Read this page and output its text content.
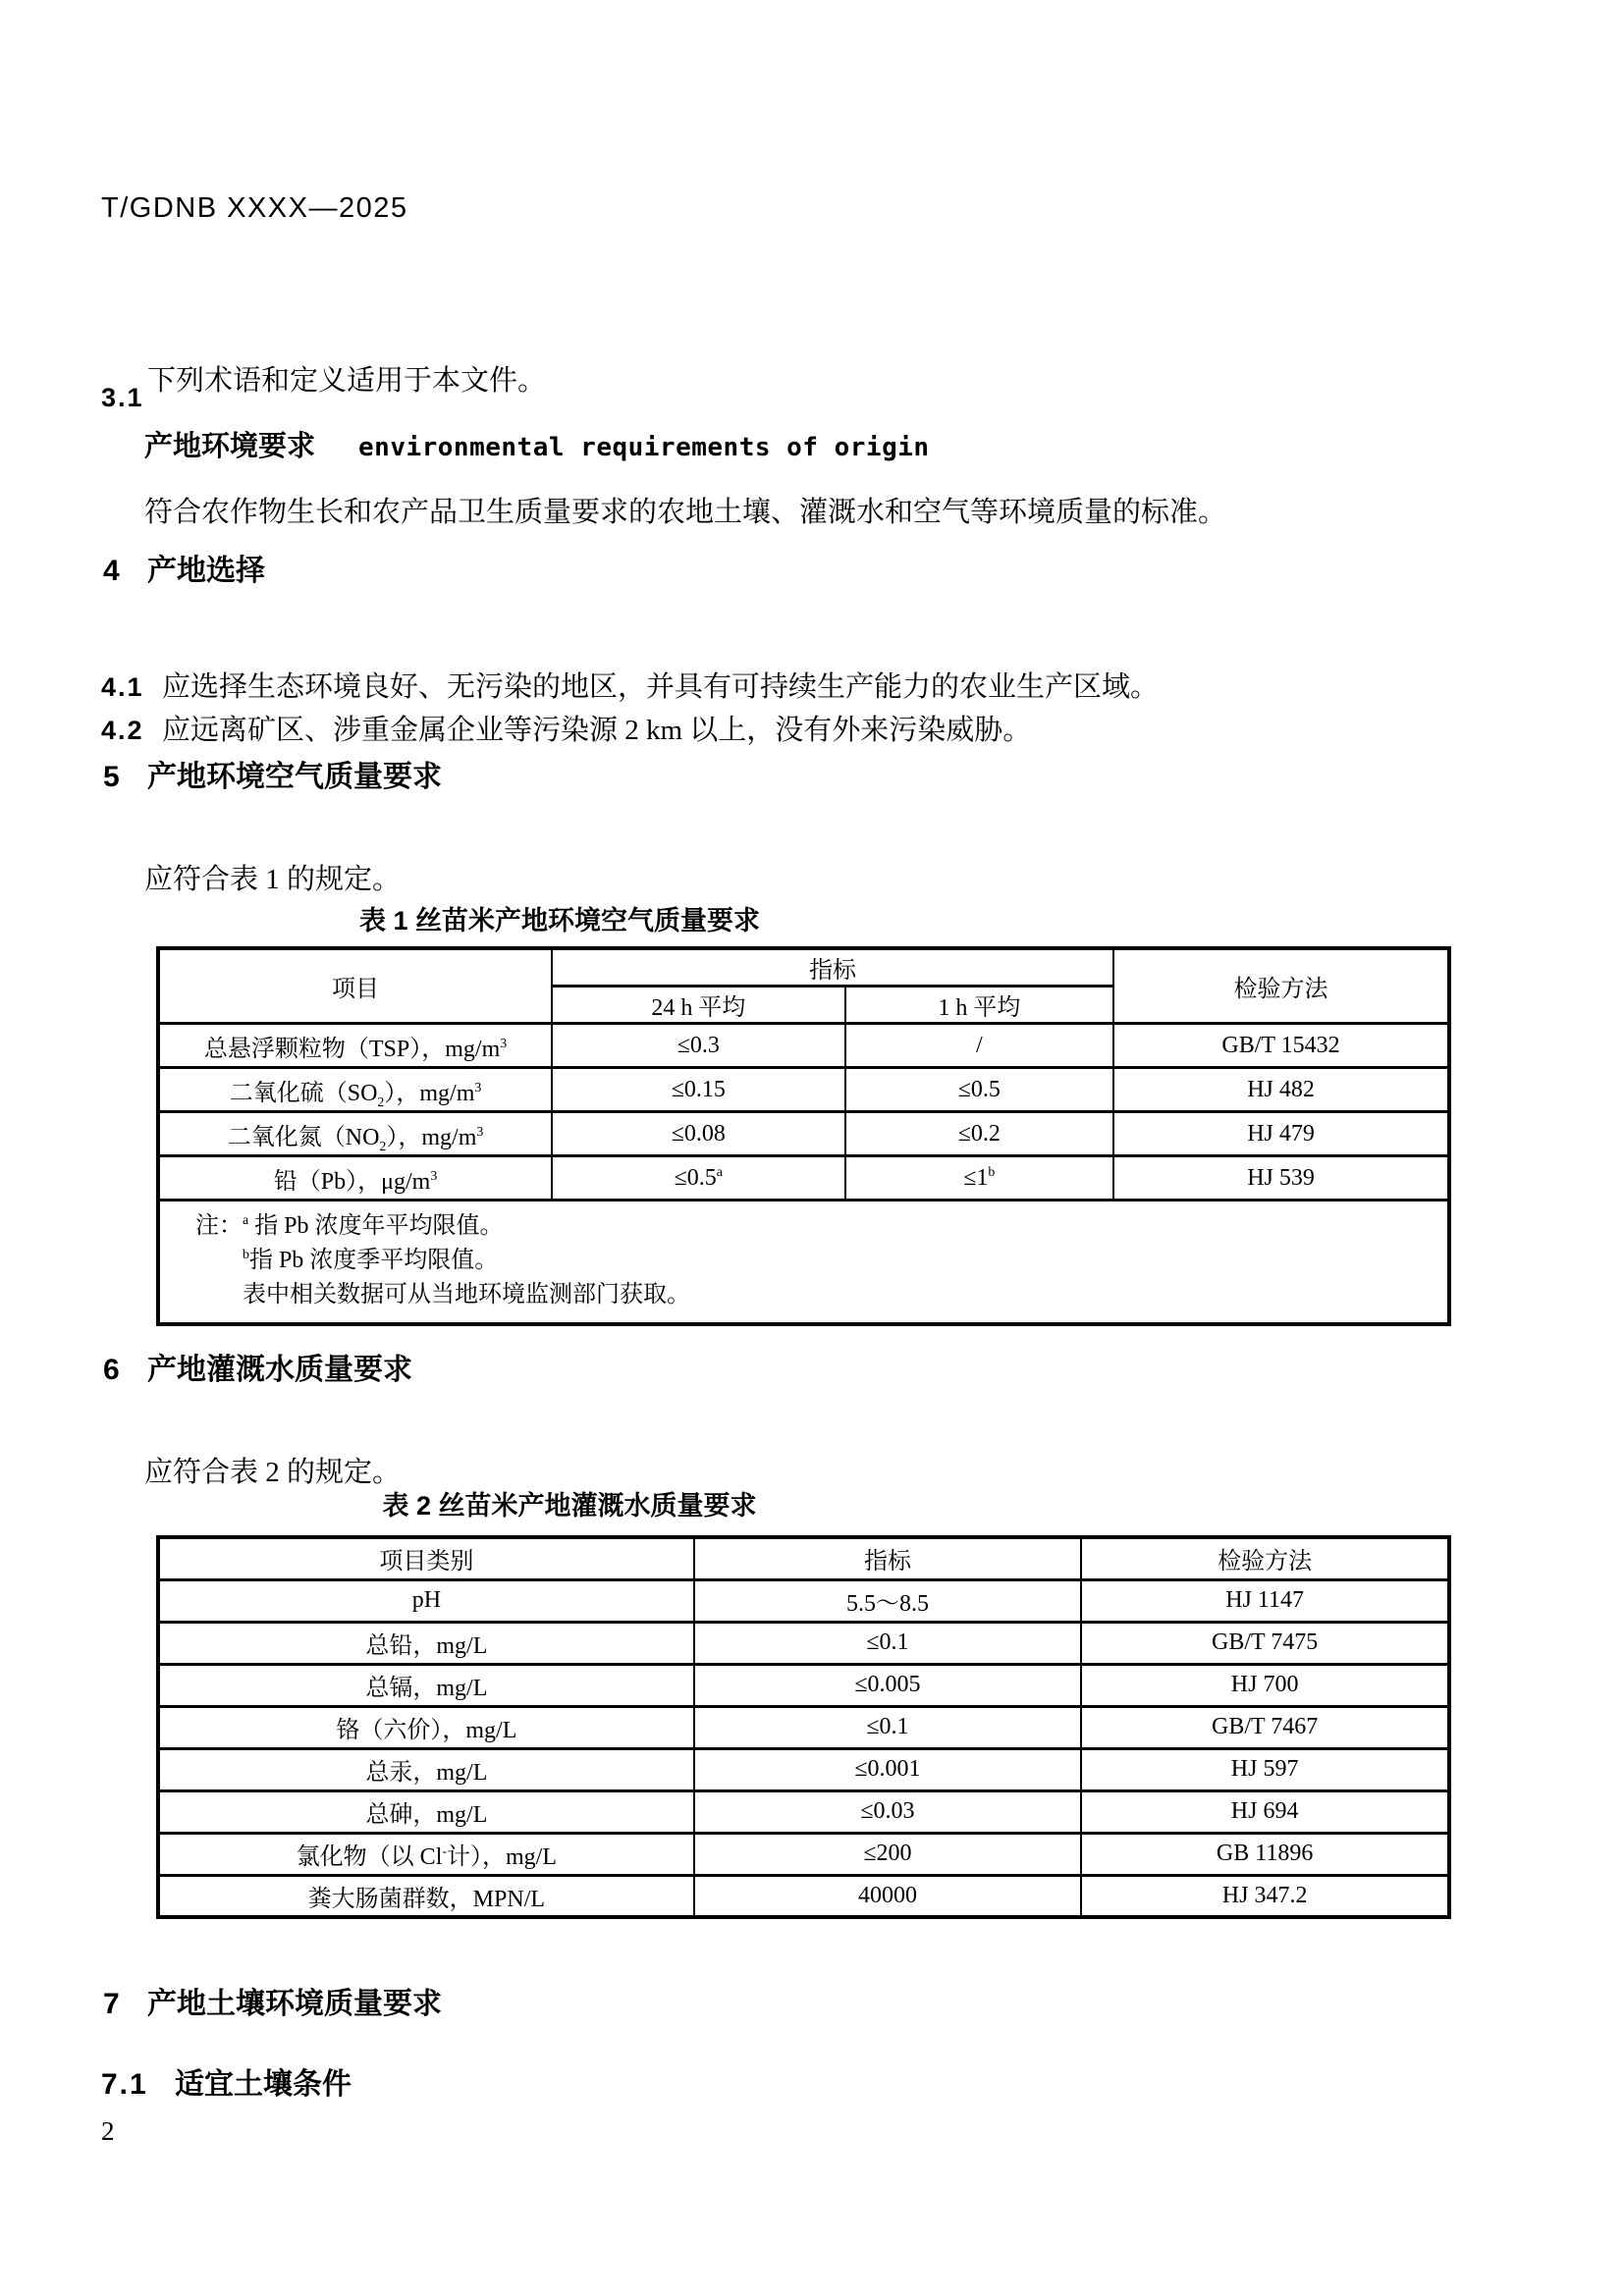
T/GDNB XXXX—2025

下列术语和定义适用于本文件。

3.1
产地环境要求 environmental requirements of origin

符合农作物生长和农产品卫生质量要求的农地土壤、灌溉水和空气等环境质量的标准。

4 产地选择

4.1 应选择生态环境良好、无污染的地区，并具有可持续生产能力的农业生产区域。

4.2 应远离矿区、涉重金属企业等污染源 2 km 以上，没有外来污染威胁。

5 产地环境空气质量要求

应符合表 1 的规定。

表 1 丝苗米产地环境空气质量要求
项目	指标		检验方法
	24 h 平均	1 h 平均	
总悬浮颗粒物（TSP），$mg/m^3$	≤0.3	/	GB/T 15432
二氧化硫$(SO_2)$，$mg/m^3$	≤0.15	≤0.5	HJ 482
二氧化氮$(NO_2)$，$mg/m^3$	≤0.08	≤0.2	HJ 479
铅（Pb），$\mu g/m^3$	≤0.5$^a$	$\le 1^b$	HJ 539

注：$^a$ 指 Pb 浓度年平均限值。
$^b$指 Pb 浓度季平均限值。
表中相关数据可从当地环境监测部门获取。			
6 产地灌溉水质量要求

应符合表 2 的规定。

表 2 丝苗米产地灌溉水质量要求
项目类别	指标	检验方法
pH	5.5～8.5	HJ 1147
总铅，mg/L	≤0.1	GB/T 7475
总镉，mg/L	≤0.005	HJ 700
铬（六价），mg/L	≤0.1	GB/T 7467
总汞，mg/L	≤0.001	HJ 597
总砷，mg/L	≤0.03	HJ 694
氯化物（以 Cl-计），mg/L	≤200	GB 11896
粪大肠菌群数，MPN/L	40000	HJ 347.2
7 产地土壤环境质量要求
7.1 适宜土壤条件
2
